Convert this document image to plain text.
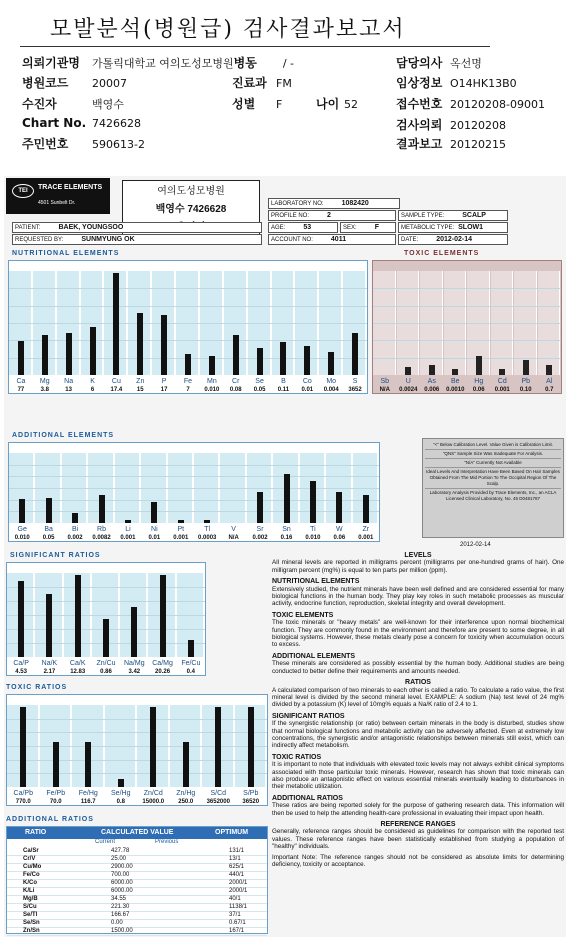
모발분석(병원급) 검사결과보고서
의뢰기관명 가톨릭대학교 여의도성모병원병동 / -	담당의사 옥선명
병원코드 20007	진료과 FM	임상정보 O14HK13B0
수진자	백영수	성별 F	나이 52	접수번호 20120208-09001
Chart No. 7426628	검사의뢰 20120208
주민번호 590613-2	결과보고 20120215
TEI	TRACE ELEMENTS
4501 Sunbelt Dr.
여의도성모병원
백영수 7426628	LABORATORY NO:	1082420
PROFILE NO:	2	SAMPLE TYPE:	SCALP
PATIENT:	BAEK, YOUNGSOO	AGE:	53	SEX:	F	METABOLIC TYPE: SLOW1
REQUESTED BY:	SUNMYUNG OK	ACCOUNT NO:	4011	DATE:	2012-02-14
NUTRITIONAL ELEMENTS
Ca
77
Mg
3.8
Na
13
K
6
Cu
17.4
Zn
15
P
17
Fe
7
Mn
0.010
Cr
0.08
Se
0.05
B
0.11
Co
0.01
Mo
0.004
S
3652
TOXIC ELEMENTS
Sb
N/A
U
0.0024
As
0.006
Be
0.0010
Hg
0.06
Cd
0.001
Pb
0.10
Al
0.7
ADDITIONAL ELEMENTS
Ge
0.010
Ba
0.05
Bi
0.002
Rb
0.0082
Li
0.001
Ni
0.01
Pt
0.001
Tl
0.0003
V
N/A
Sr
0.002
Sn
0.16
Ti
0.010
W
0.06
Zr
0.001
2012-02-14
"<" Below Calibration Level. Value Given is Calibration Limit.
"QNS" Sample Size Was Inadequate For Analysis.
"N/A" Currently Not Available
Ideal Levels And Interpretation Have Been Based On Hair Samples Obtained From The Mid Portion To The Occipital Region Of The Scalp.
Laboratory Analysis Provided by Trace Elements, Inc., an ACLA Licensed Clinical Laboratory, No. 45 D0481787
SIGNIFICANT RATIOS
Ca/P
4.53
Na/K
2.17
Ca/K
12.83
Zn/Cu
0.86
Na/Mg
3.42
Ca/Mg
20.26
Fe/Cu
0.4
TOXIC RATIOS
Ca/Pb
770.0
Fe/Pb
70.0
Fe/Hg
116.7
Se/Hg
0.8
Zn/Cd
15000.0
Zn/Hg
250.0
S/Cd
3652000
S/Pb
36520
ADDITIONAL RATIOS
RATIO	CALCULATED VALUE	OPTIMUM
Current	Previous
Ca/Sr	427.78	131/1
Cr/V	25.00	13/1
Cu/Mo	2900.00	625/1
Fe/Co	700.00	440/1
K/Co	6000.00	2000/1
K/Li	6000.00	2000/1
Mg/B	34.55	40/1
S/Cu	221.30	1138/1
Se/Tl	166.67	37/1
Se/Sn	0.00	0.67/1
Zn/Sn	1500.00	167/1
LEVELS

All mineral levels are reported in milligrams percent (milligrams per one-hundred grams of hair). One milligram percent (mg%) is equal to ten parts per million (ppm).

NUTRITIONAL ELEMENTS

Extensively studied, the nutrient minerals have been well defined and are considered essential for many biological functions in the human body. They play key roles in such metabolic processes as muscular activity, endocrine function, reproduction, skeletal integrity and overall development.

TOXIC ELEMENTS

The toxic minerals or "heavy metals" are well-known for their interference upon normal biochemical function. They are commonly found in the environment and therefore are present to some degree, in all biological systems. However, these metals clearly pose a concern for toxicity when accumulation occurs to excess.

ADDITIONAL ELEMENTS

These minerals are considered as possibly essential by the human body. Additional studies are being conducted to better define their requirements and amounts needed.

RATIOS

A calculated comparison of two minerals to each other is called a ratio. To calculate a ratio value, the first mineral level is divided by the second mineral level. EXAMPLE: A sodium (Na) test level of 24 mg% divided by a potassium (K) level of 10mg% equals a Na/K ratio of 2.4 to 1.

SIGNIFICANT RATIOS

If the synergistic relationship (or ratio) between certain minerals in the body is disturbed, studies show that normal biological functions and metabolic activity can be adversely affected. Even at extremely low concentrations, the synergistic and/or antagonistic relationships between minerals still exist, which can indirectly affect metabolism.

TOXIC RATIOS

It is important to note that individuals with elevated toxic levels may not always exhibit clinical symptoms associated with those particular toxic minerals. However, research has shown that toxic minerals can also produce an antagonistic effect on various essential minerals eventually leading to disturbances in their metabolic utilization.

ADDITIONAL RATIOS

These ratios are being reported solely for the purpose of gathering research data. This information will then be used to help the attending health-care professional in evaluating their impact upon health.

REFERENCE RANGES

Generally, reference ranges should be considered as guidelines for comparison with the reported test values. These reference ranges have been statistically established from studying a population of "healthy" individuals.

Important Note: The reference ranges should not be considered as absolute limits for determining deficiency, toxicity or acceptance.
